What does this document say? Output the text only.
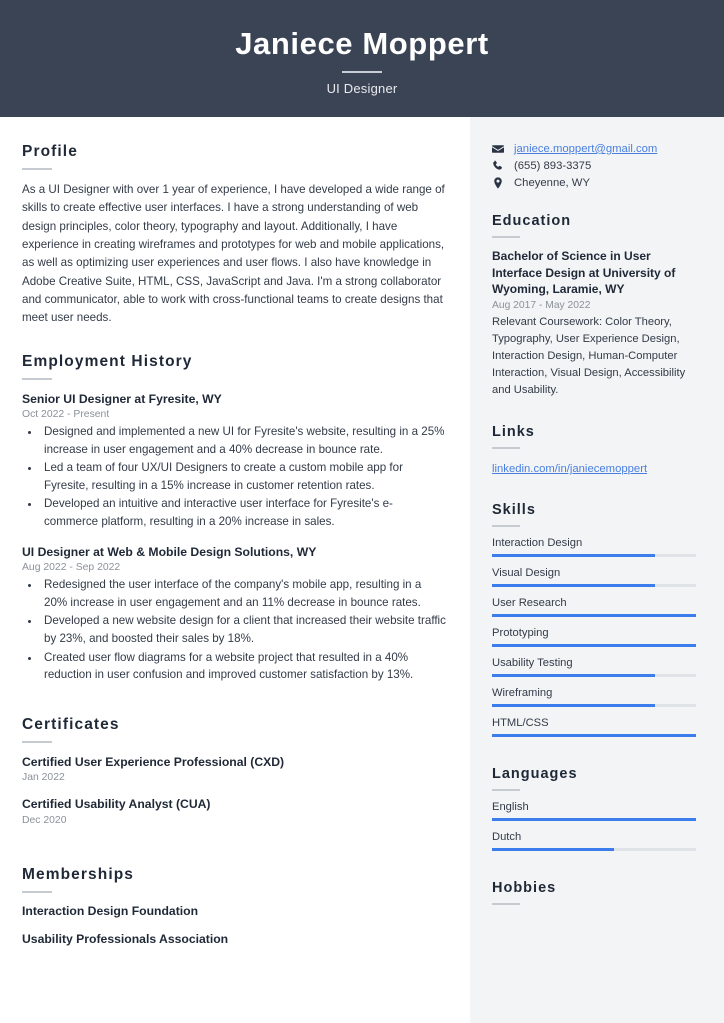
Janiece Moppert
UI Designer
Profile
As a UI Designer with over 1 year of experience, I have developed a wide range of skills to create effective user interfaces. I have a strong understanding of web design principles, color theory, typography and layout. Additionally, I have experience in creating wireframes and prototypes for web and mobile applications, as well as optimizing user experiences and user flows. I also have knowledge in Adobe Creative Suite, HTML, CSS, JavaScript and Java. I'm a strong collaborator and communicator, able to work with cross-functional teams to create designs that meet user needs.
Employment History
Senior UI Designer at Fyresite, WY
Oct 2022 - Present
• Designed and implemented a new UI for Fyresite's website, resulting in a 25% increase in user engagement and a 40% decrease in bounce rate.
• Led a team of four UX/UI Designers to create a custom mobile app for Fyresite, resulting in a 15% increase in customer retention rates.
• Developed an intuitive and interactive user interface for Fyresite's e-commerce platform, resulting in a 20% increase in sales.
UI Designer at Web & Mobile Design Solutions, WY
Aug 2022 - Sep 2022
• Redesigned the user interface of the company's mobile app, resulting in a 20% increase in user engagement and an 11% decrease in bounce rates.
• Developed a new website design for a client that increased their website traffic by 23%, and boosted their sales by 18%.
• Created user flow diagrams for a website project that resulted in a 40% reduction in user confusion and improved customer satisfaction by 13%.
Certificates
Certified User Experience Professional (CXD)
Jan 2022
Certified Usability Analyst (CUA)
Dec 2020
Memberships
Interaction Design Foundation
Usability Professionals Association
janiece.moppert@gmail.com
(655) 893-3375
Cheyenne, WY
Education
Bachelor of Science in User Interface Design at University of Wyoming, Laramie, WY
Aug 2017 - May 2022
Relevant Coursework: Color Theory, Typography, User Experience Design, Interaction Design, Human-Computer Interaction, Visual Design, Accessibility and Usability.
Links
linkedin.com/in/janiecemoppert
Skills
Interaction Design
Visual Design
User Research
Prototyping
Usability Testing
Wireframing
HTML/CSS
Languages
English
Dutch
Hobbies
